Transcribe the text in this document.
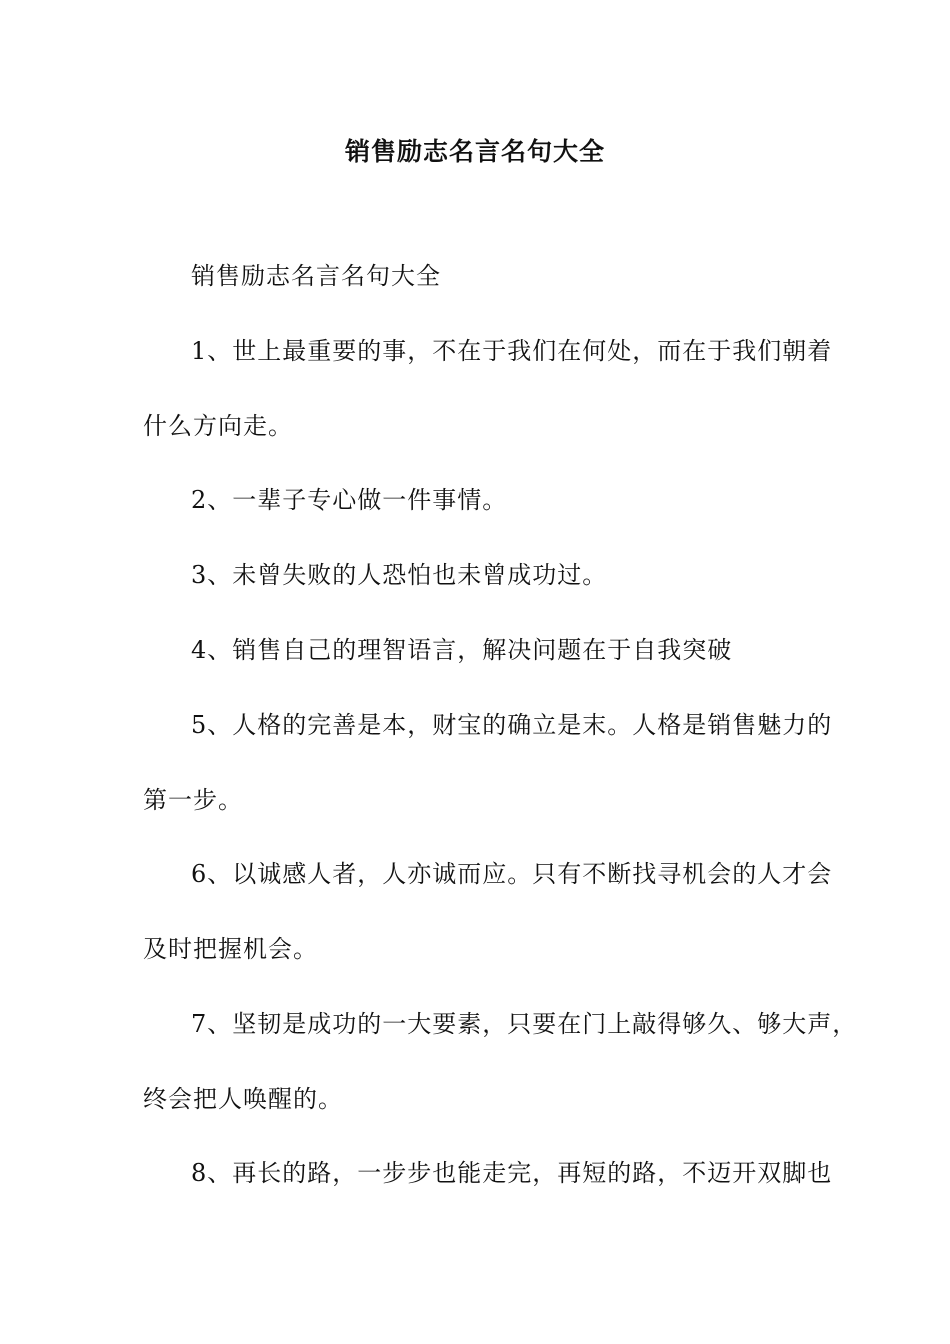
销售励志名言名句大全

销售励志名言名句大全

1、世上最重要的事，不在于我们在何处，而在于我们朝着

什么方向走。

2、一辈子专心做一件事情。

3、未曾失败的人恐怕也未曾成功过。

4、销售自己的理智语言，解决问题在于自我突破

5、人格的完善是本，财宝的确立是末。人格是销售魅力的

第一步。

6、以诚感人者，人亦诚而应。只有不断找寻机会的人才会

及时把握机会。

7、坚韧是成功的一大要素，只要在门上敲得够久、够大声，

终会把人唤醒的。

8、再长的路，一步步也能走完，再短的路，不迈开双脚也
